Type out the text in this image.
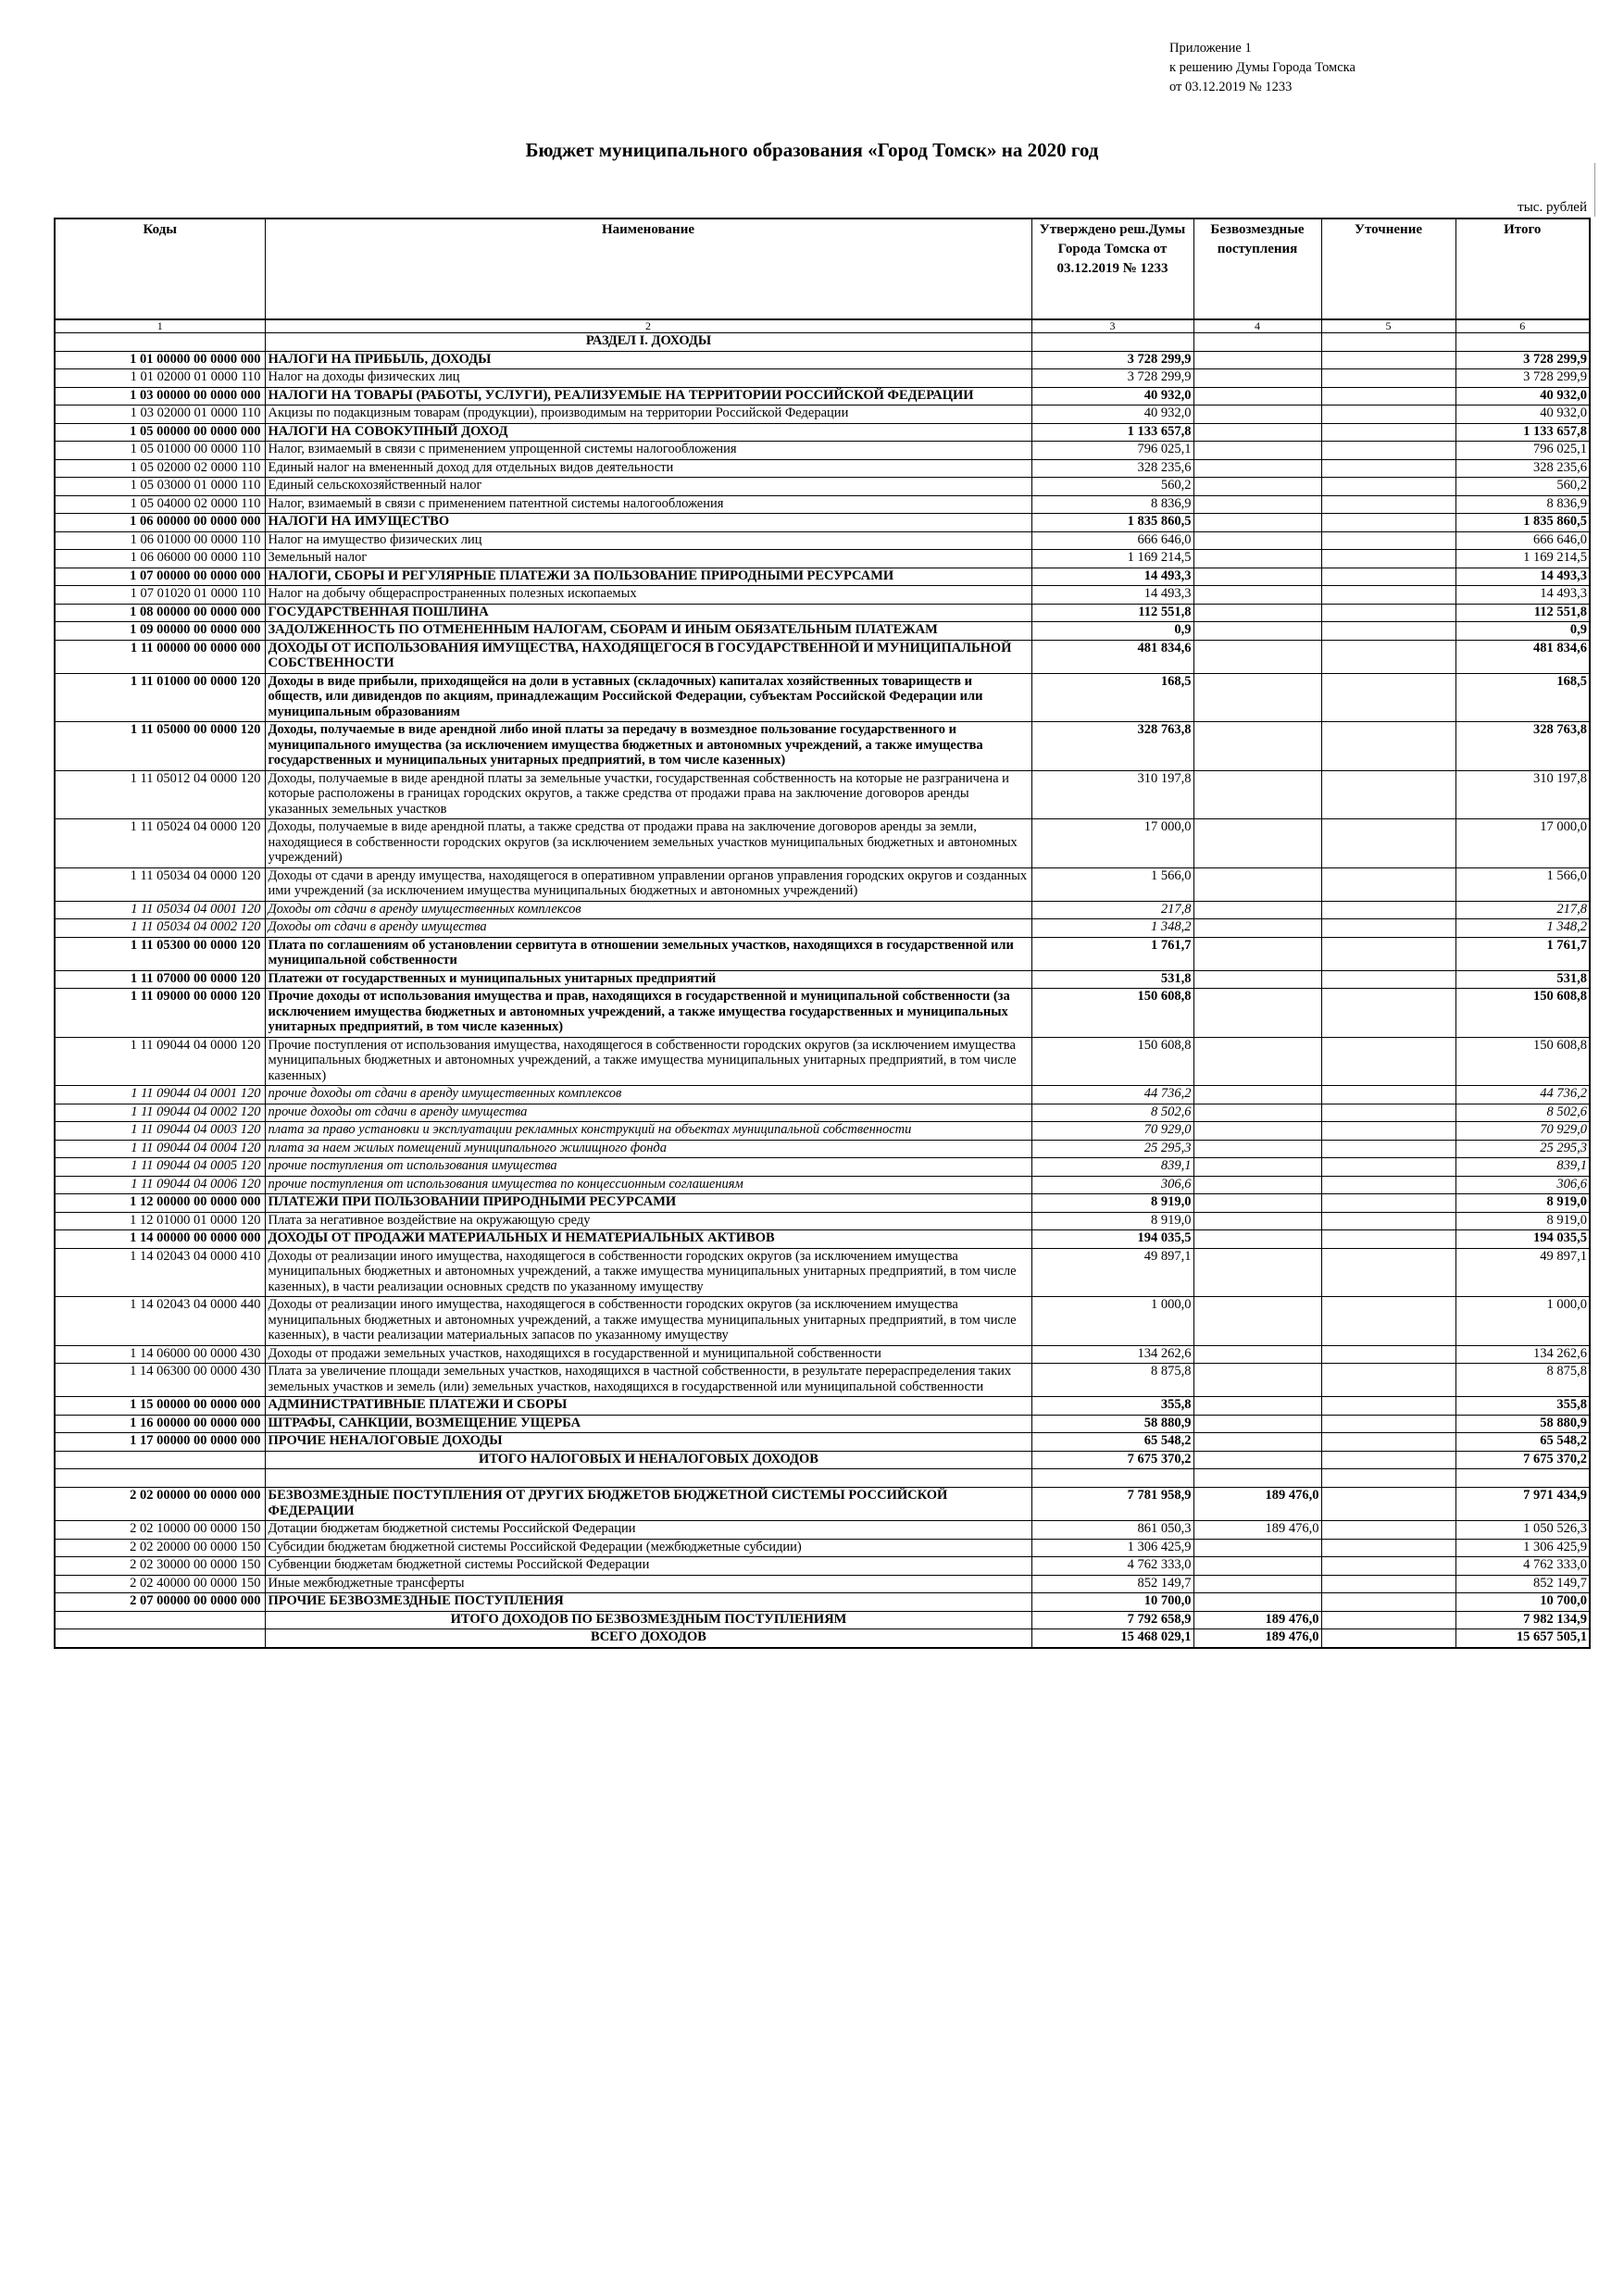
Приложение 1
к решению Думы Города Томска
от 03.12.2019 № 1233
Бюджет муниципального образования «Город Томск» на 2020 год
тыс. рублей
Коды	Наименование	Утверждено реш.Думы Города Томска от 03.12.2019 № 1233	Безвозмездные поступления	Уточнение	Итого
1	2	3	4	5	6
	РАЗДЕЛ I. ДОХОДЫ				
1 01 00000 00 0000 000	НАЛОГИ НА ПРИБЫЛЬ, ДОХОДЫ	3 728 299,9			3 728 299,9
1 01 02000 01 0000 110	Налог на доходы физических лиц	3 728 299,9			3 728 299,9
1 03 00000 00 0000 000	НАЛОГИ НА ТОВАРЫ (РАБОТЫ, УСЛУГИ), РЕАЛИЗУЕМЫЕ НА ТЕРРИТОРИИ РОССИЙСКОЙ ФЕДЕРАЦИИ	40 932,0			40 932,0
1 03 02000 01 0000 110	Акцизы по подакцизным товарам (продукции), производимым на территории Российской Федерации	40 932,0			40 932,0
1 05 00000 00 0000 000	НАЛОГИ НА СОВОКУПНЫЙ ДОХОД	1 133 657,8			1 133 657,8
1 05 01000 00 0000 110	Налог, взимаемый в связи с применением упрощенной системы налогообложения	796 025,1			796 025,1
1 05 02000 02 0000 110	Единый налог на вмененный доход для отдельных видов деятельности	328 235,6			328 235,6
1 05 03000 01 0000 110	Единый сельскохозяйственный налог	560,2			560,2
1 05 04000 02 0000 110	Налог, взимаемый в связи с применением патентной системы налогообложения	8 836,9			8 836,9
1 06 00000 00 0000 000	НАЛОГИ НА ИМУЩЕСТВО	1 835 860,5			1 835 860,5
1 06 01000 00 0000 110	Налог на имущество физических лиц	666 646,0			666 646,0
1 06 06000 00 0000 110	Земельный налог	1 169 214,5			1 169 214,5
1 07 00000 00 0000 000	НАЛОГИ, СБОРЫ И РЕГУЛЯРНЫЕ ПЛАТЕЖИ ЗА ПОЛЬЗОВАНИЕ ПРИРОДНЫМИ РЕСУРСАМИ	14 493,3			14 493,3
1 07 01020 01 0000 110	Налог на добычу общераспространенных полезных ископаемых	14 493,3			14 493,3
1 08 00000 00 0000 000	ГОСУДАРСТВЕННАЯ ПОШЛИНА	112 551,8			112 551,8
1 09 00000 00 0000 000	ЗАДОЛЖЕННОСТЬ ПО ОТМЕНЕННЫМ НАЛОГАМ, СБОРАМ И ИНЫМ ОБЯЗАТЕЛЬНЫМ ПЛАТЕЖАМ	0,9			0,9
1 11 00000 00 0000 000	ДОХОДЫ ОТ ИСПОЛЬЗОВАНИЯ ИМУЩЕСТВА, НАХОДЯЩЕГОСЯ В ГОСУДАРСТВЕННОЙ И МУНИЦИПАЛЬНОЙ СОБСТВЕННОСТИ	481 834,6			481 834,6
1 11 01000 00 0000 120	Доходы в виде прибыли, приходящейся на доли в уставных (складочных) капиталах хозяйственных товариществ и обществ, или дивидендов по акциям, принадлежащим Российской Федерации, субъектам Российской Федерации или муниципальным образованиям	168,5			168,5
1 11 05000 00 0000 120	Доходы, получаемые в виде арендной либо иной платы за передачу в возмездное пользование государственного и муниципального имущества (за исключением имущества бюджетных и автономных учреждений, а также имущества государственных и муниципальных унитарных предприятий, в том числе казенных)	328 763,8			328 763,8
1 11 05012 04 0000 120	Доходы, получаемые в виде арендной платы за земельные участки, государственная собственность на которые не разграничена и которые расположены в границах городских округов, а также средства от продажи права на заключение договоров аренды указанных земельных участков	310 197,8			310 197,8
1 11 05024 04 0000 120	Доходы, получаемые в виде арендной платы, а также средства от продажи права на заключение договоров аренды за земли, находящиеся в собственности городских округов (за исключением земельных участков муниципальных бюджетных и автономных учреждений)	17 000,0			17 000,0
1 11 05034 04 0000 120	Доходы от сдачи в аренду имущества, находящегося в оперативном управлении органов управления городских округов и созданных ими учреждений (за исключением имущества муниципальных бюджетных и автономных учреждений)	1 566,0			1 566,0
1 11 05034 04 0001 120	Доходы от сдачи в аренду имущественных комплексов	217,8			217,8
1 11 05034 04 0002 120	Доходы от сдачи в аренду имущества	1 348,2			1 348,2
1 11 05300 00 0000 120	Плата по соглашениям об установлении сервитута в отношении земельных участков, находящихся в государственной или муниципальной собственности	1 761,7			1 761,7
1 11 07000 00 0000 120	Платежи от государственных и муниципальных унитарных предприятий	531,8			531,8
1 11 09000 00 0000 120	Прочие доходы от использования имущества и прав, находящихся в государственной и муниципальной собственности (за исключением имущества бюджетных и автономных учреждений, а также имущества государственных и муниципальных унитарных предприятий, в том числе казенных)	150 608,8			150 608,8
1 11 09044 04 0000 120	Прочие поступления от использования имущества, находящегося в собственности городских округов (за исключением имущества муниципальных бюджетных и автономных учреждений, а также имущества муниципальных унитарных предприятий, в том числе казенных)	150 608,8			150 608,8
1 11 09044 04 0001 120	прочие доходы от сдачи в аренду имущественных комплексов	44 736,2			44 736,2
1 11 09044 04 0002 120	прочие доходы от сдачи в аренду имущества	8 502,6			8 502,6
1 11 09044 04 0003 120	плата за право установки и эксплуатации рекламных конструкций на объектах муниципальной собственности	70 929,0			70 929,0
1 11 09044 04 0004 120	плата за наем жилых помещений муниципального жилищного фонда	25 295,3			25 295,3
1 11 09044 04 0005 120	прочие поступления от использования имущества	839,1			839,1
1 11 09044 04 0006 120	прочие поступления от использования имущества по концессионным соглашениям	306,6			306,6
1 12 00000 00 0000 000	ПЛАТЕЖИ ПРИ ПОЛЬЗОВАНИИ ПРИРОДНЫМИ РЕСУРСАМИ	8 919,0			8 919,0
1 12 01000 01 0000 120	Плата за негативное воздействие на окружающую среду	8 919,0			8 919,0
1 14 00000 00 0000 000	ДОХОДЫ ОТ ПРОДАЖИ МАТЕРИАЛЬНЫХ И НЕМАТЕРИАЛЬНЫХ АКТИВОВ	194 035,5			194 035,5
1 14 02043 04 0000 410	Доходы от реализации иного имущества, находящегося в собственности городских округов (за исключением имущества муниципальных бюджетных и автономных учреждений, а также имущества муниципальных унитарных предприятий, в том числе казенных), в части реализации основных средств по указанному имуществу	49 897,1			49 897,1
1 14 02043 04 0000 440	Доходы от реализации иного имущества, находящегося в собственности городских округов (за исключением имущества муниципальных бюджетных и автономных учреждений, а также имущества муниципальных унитарных предприятий, в том числе казенных), в части реализации материальных запасов по указанному имуществу	1 000,0			1 000,0
1 14 06000 00 0000 430	Доходы от продажи земельных участков, находящихся в государственной и муниципальной собственности	134 262,6			134 262,6
1 14 06300 00 0000 430	Плата за увеличение площади земельных участков, находящихся в частной собственности, в результате перераспределения таких земельных участков и земель (или) земельных участков, находящихся в государственной или муниципальной собственности	8 875,8			8 875,8
1 15 00000 00 0000 000	АДМИНИСТРАТИВНЫЕ ПЛАТЕЖИ И СБОРЫ	355,8			355,8
1 16 00000 00 0000 000	ШТРАФЫ, САНКЦИИ, ВОЗМЕЩЕНИЕ УЩЕРБА	58 880,9			58 880,9
1 17 00000 00 0000 000	ПРОЧИЕ НЕНАЛОГОВЫЕ ДОХОДЫ	65 548,2			65 548,2
	ИТОГО НАЛОГОВЫХ И НЕНАЛОГОВЫХ ДОХОДОВ	7 675 370,2			7 675 370,2

2 02 00000 00 0000 000	БЕЗВОЗМЕЗДНЫЕ ПОСТУПЛЕНИЯ ОТ ДРУГИХ БЮДЖЕТОВ БЮДЖЕТНОЙ СИСТЕМЫ РОССИЙСКОЙ ФЕДЕРАЦИИ	7 781 958,9	189 476,0		7 971 434,9
2 02 10000 00 0000 150	Дотации бюджетам бюджетной системы Российской Федерации	861 050,3	189 476,0		1 050 526,3
2 02 20000 00 0000 150	Субсидии бюджетам бюджетной системы Российской Федерации (межбюджетные субсидии)	1 306 425,9			1 306 425,9
2 02 30000 00 0000 150	Субвенции бюджетам бюджетной системы Российской Федерации	4 762 333,0			4 762 333,0
2 02 40000 00 0000 150	Иные межбюджетные трансферты	852 149,7			852 149,7
2 07 00000 00 0000 000	ПРОЧИЕ БЕЗВОЗМЕЗДНЫЕ ПОСТУПЛЕНИЯ	10 700,0			10 700,0
	ИТОГО ДОХОДОВ ПО БЕЗВОЗМЕЗДНЫМ ПОСТУПЛЕНИЯМ	7 792 658,9	189 476,0		7 982 134,9
	ВСЕГО ДОХОДОВ	15 468 029,1	189 476,0		15 657 505,1
